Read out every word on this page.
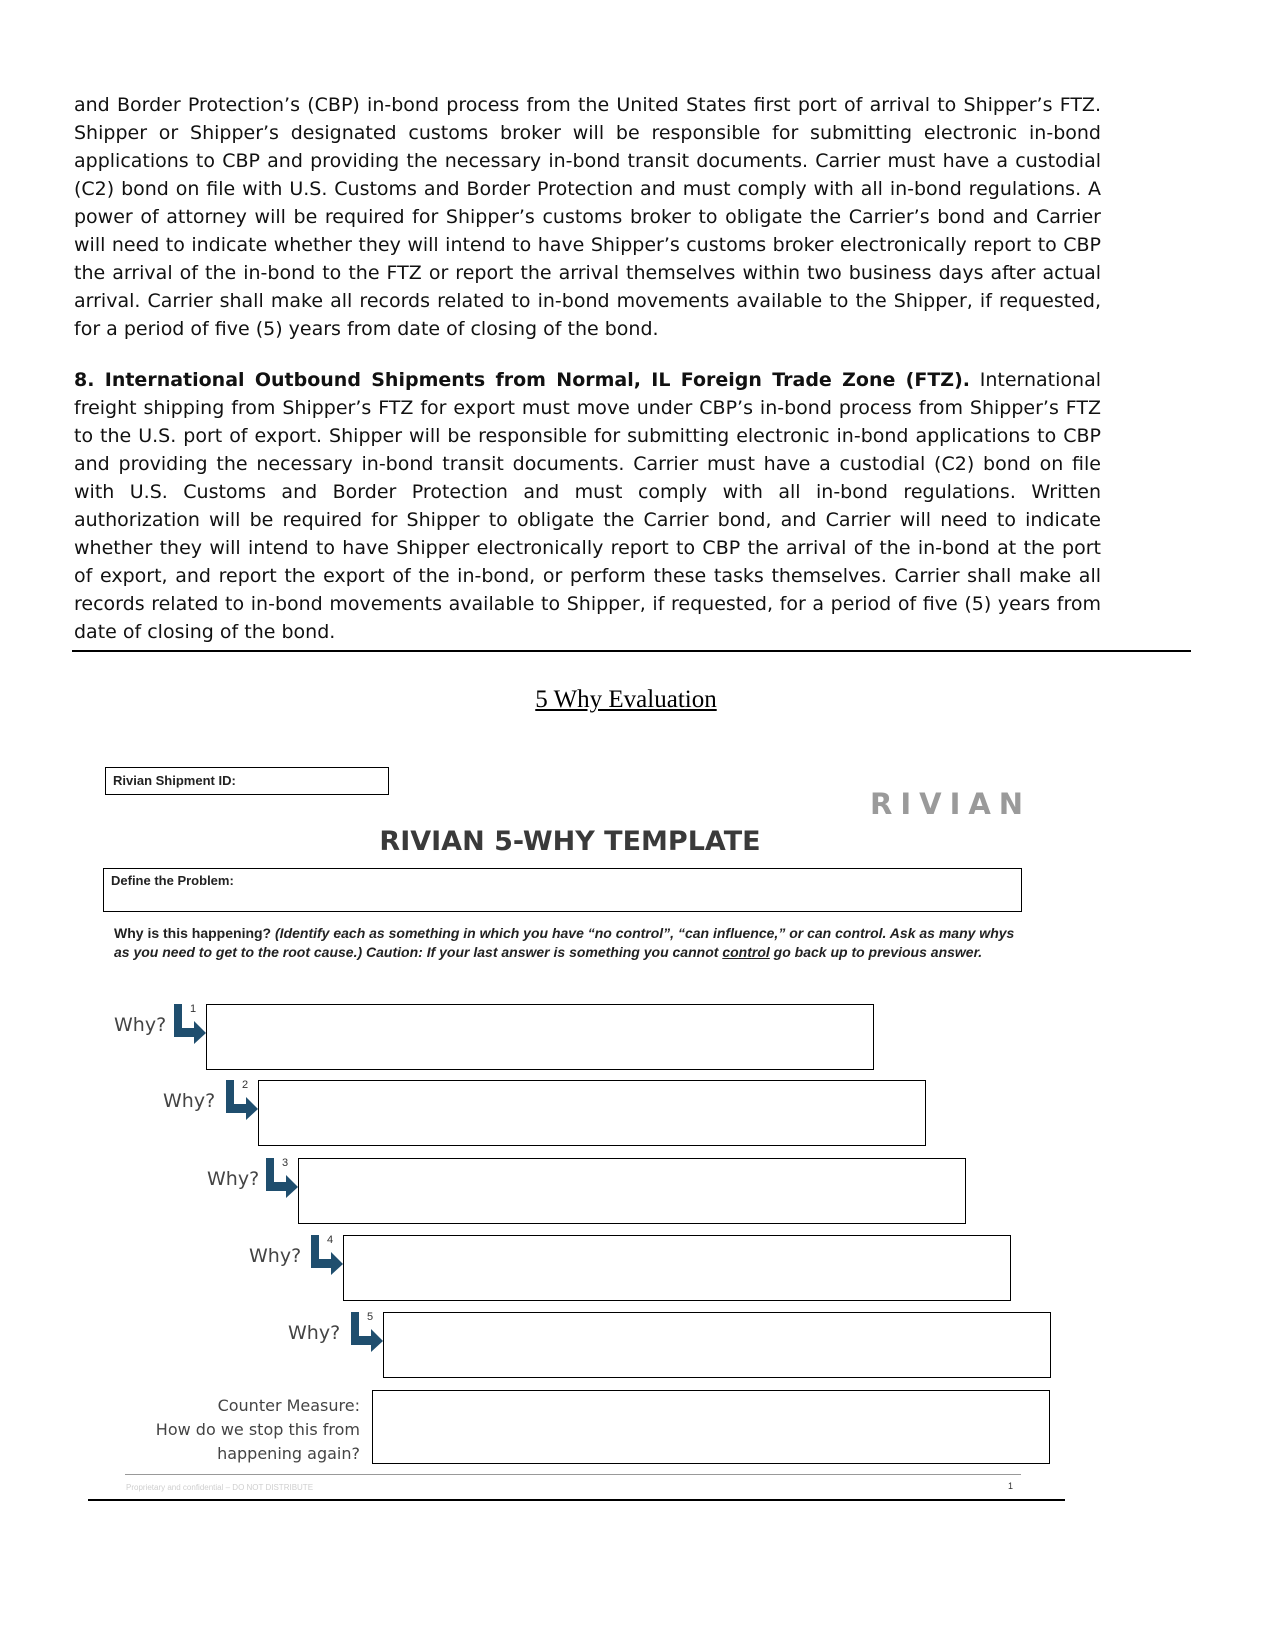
and Border Protection’s (CBP) in-bond process from the United States first port of arrival to Shipper’s FTZ. Shipper or Shipper’s designated customs broker will be responsible for submitting electronic in-bond applications to CBP and providing the necessary in-bond transit documents. Carrier must have a custodial (C2) bond on file with U.S. Customs and Border Protection and must comply with all in-bond regulations. A power of attorney will be required for Shipper’s customs broker to obligate the Carrier’s bond and Carrier will need to indicate whether they will intend to have Shipper’s customs broker electronically report to CBP the arrival of the in-bond to the FTZ or report the arrival themselves within two business days after actual arrival. Carrier shall make all records related to in-bond movements available to the Shipper, if requested, for a period of five (5) years from date of closing of the bond.
8. International Outbound Shipments from Normal, IL Foreign Trade Zone (FTZ). International freight shipping from Shipper’s FTZ for export must move under CBP’s in-bond process from Shipper’s FTZ to the U.S. port of export. Shipper will be responsible for submitting electronic in-bond applications to CBP and providing the necessary in-bond transit documents. Carrier must have a custodial (C2) bond on file with U.S. Customs and Border Protection and must comply with all in-bond regulations. Written authorization will be required for Shipper to obligate the Carrier bond, and Carrier will need to indicate whether they will intend to have Shipper electronically report to CBP the arrival of the in-bond at the port of export, and report the export of the in-bond, or perform these tasks themselves. Carrier shall make all records related to in-bond movements available to Shipper, if requested, for a period of five (5) years from date of closing of the bond.
5 Why Evaluation
Rivian Shipment ID:
RIVIAN
RIVIAN 5-WHY TEMPLATE
Define the Problem:
Why is this happening? (Identify each as something in which you have “no control”, “can influence,” or can control. Ask as many whys as you need to get to the root cause.) Caution: If your last answer is something you cannot control go back up to previous answer.
Why?
1
Why?
2
Why?
3
Why?
4
Why?
5
Counter Measure:
How do we stop this from
happening again?
Proprietary and confidential – DO NOT DISTRIBUTE	1
